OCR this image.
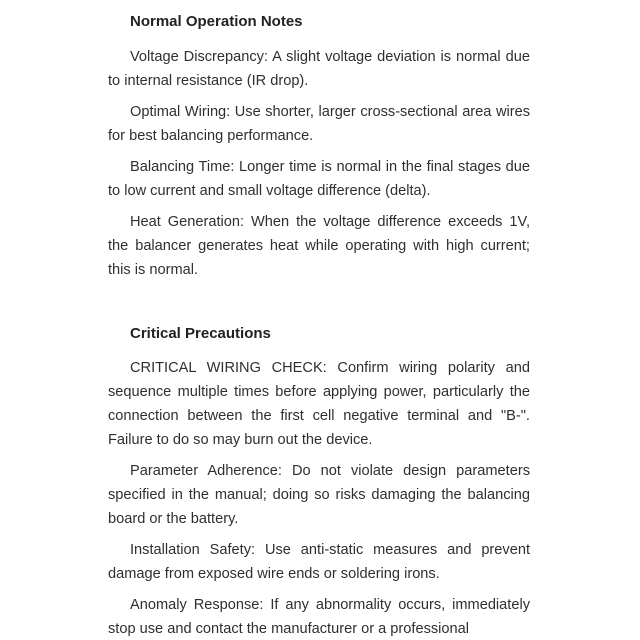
Normal Operation Notes

Voltage Discrepancy: A slight voltage deviation is normal due to internal resistance (IR drop).

Optimal Wiring: Use shorter, larger cross-sectional area wires for best balancing performance.

Balancing Time: Longer time is normal in the final stages due to low current and small voltage difference (delta).

Heat Generation: When the voltage difference exceeds 1V, the balancer generates heat while operating with high current; this is normal.

Critical Precautions

CRITICAL WIRING CHECK: Confirm wiring polarity and sequence multiple times before applying power, particularly the connection between the first cell negative terminal and "B-". Failure to do so may burn out the device.

Parameter Adherence: Do not violate design parameters specified in the manual; doing so risks damaging the balancing board or the battery.

Installation Safety: Use anti-static measures and prevent damage from exposed wire ends or soldering irons.

Anomaly Response: If any abnormality occurs, immediately stop use and contact the manufacturer or a professional
